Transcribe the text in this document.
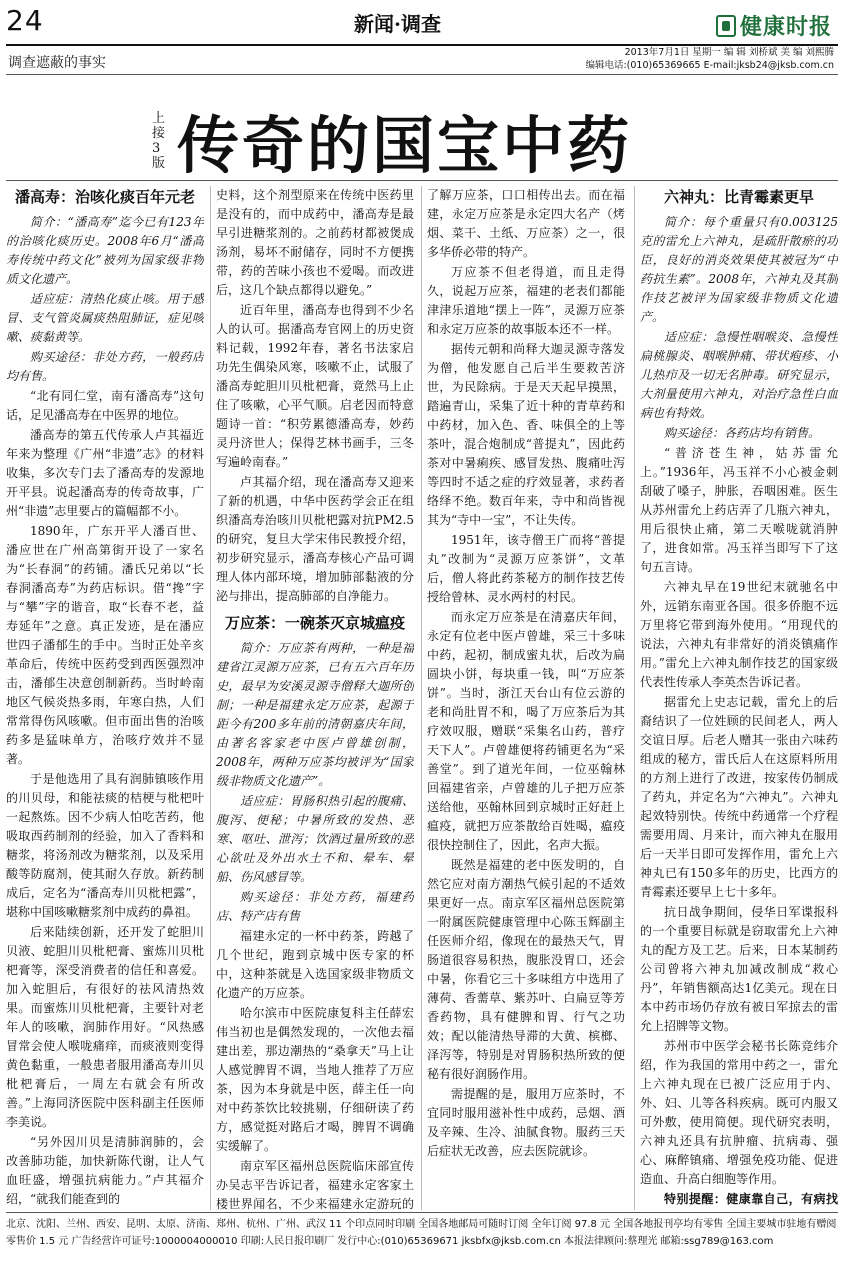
24	新闻·调查	健康时报
调查遮蔽的事实
2013年7月1日 星期一 编 辑 刘桥斌 美 编 刘熙腾
编辑电话:(010)65369665 E-mail:jksb24@jksb.com.cn
上
接
3
版 传奇的国宝中药
潘高寿：治咳化痰百年元老

简介：“潘高寿”迄今已有123年的治咳化痰历史。2008年6月“潘高寿传统中药文化”被列为国家级非物质文化遗产。

适应症：清热化痰止咳。用于感冒、支气管炎属痰热阻肺证，症见咳嗽、痰黏黄等。

购买途径：非处方药，一般药店均有售。

“北有同仁堂，南有潘高寿”这句话，足见潘高寿在中医界的地位。

潘高寿的第五代传承人卢其福近年来为整理《广州“非遗”志》的材料收集，多次专门去了潘高寿的发源地开平县。说起潘高寿的传奇故事，广州“非遗”志里要占的篇幅都不小。

1890年，广东开平人潘百世、潘应世在广州高第街开设了一家名为“长春洞”的药铺。潘氏兄弟以“长春洞潘高寿”为药店标识。借“搀”字与“攀”字的谐音，取“长春不老，益寿延年”之意。真正发迹，是在潘应世四子潘郁生的手中。当时正处辛亥革命后，传统中医药受到西医强烈冲击，潘郁生决意创制新药。当时岭南地区气候炎热多雨，年寒白热，人们常常得伤风咳嗽。但市面出售的治咳药多是猛味单方，治咳疗效并不显著。

于是他选用了具有润肺镇咳作用的川贝母，和能祛痰的桔梗与枇杷叶一起熬炼。因不少病人怕吃苦药，他吸取西药制剂的经验，加入了香料和糖浆，将汤剂改为糖浆剂，以及采用酸等防腐剂，使其耐久存放。新药制成后，定名为“潘高寿川贝枇杷露”，堪称中国咳嗽糖浆剂中成药的鼻祖。

后来陆续创新，还开发了蛇胆川贝液、蛇胆川贝枇杷膏、蜜炼川贝枇杷膏等，深受消费者的信任和喜爱。加入蛇胆后，有很好的祛风清热效果。而蜜炼川贝枇杷膏，主要针对老年人的咳嗽，润肺作用好。“风热感冒常会使人喉咙痛痒，而痰液则变得黄色黏重，一般患者服用潘高寿川贝枇杷膏后，一周左右就会有所改善。”上海同济医院中医科副主任医师李美说。

“另外因川贝是清肺润肺的，会改善肺功能，加快新陈代谢，让人气血旺盛，增强抗病能力。”卢其福介绍，“就我们能查到的

史料，这个剂型原来在传统中医药里是没有的，而中成药中，潘高寿是最早引进糖浆剂的。之前药材都被煲成汤剂，易坏不耐储存，同时不方便携带，药的苦味小孩也不爱喝。而改进后，这几个缺点都得以避免。”

近百年里，潘高寿也得到不少名人的认可。据潘高寿官网上的历史资料记载，1992年春，著名书法家启功先生偶染风寒，咳嗽不止，试服了潘高寿蛇胆川贝枇杷膏，竟然马上止住了咳嗽，心平气顺。启老因而特意题诗一首：“积劳累德潘高寿，妙药灵丹济世人；保得艺林书画手，三冬写遍岭南春。”

卢其福介绍，现在潘高寿又迎来了新的机遇，中华中医药学会正在组织潘高寿治咳川贝枇杷露对抗PM2.5的研究，复旦大学宋伟民教授介绍，初步研究显示，潘高寿核心产品可调理人体内部环境，增加肺部黏液的分泌与排出，提高肺部的自净能力。

万应茶：一碗茶灭京城瘟疫

简介：万应茶有两种，一种是福建省江灵源万应茶，已有五六百年历史，最早为安溪灵源寺僧释大迦所创制；一种是福建永定万应茶，起源于距今有200多年前的清朝嘉庆年间，由著名客家老中医卢曾雄创制，2008年，两种万应茶均被评为“国家级非物质文化遗产”。

适应症：胃肠积热引起的腹痛、腹泻、便秘；中暑所致的发热、恶寒、呕吐、泄泻；饮酒过量所致的恶心欲吐及外出水土不和、晕车、晕船、伤风感冒等。

购买途径：非处方药，福建药店、特产店有售

福建永定的一杯中药茶，跨越了几个世纪，跑到京城中医专家的杯中，这种茶就是入选国家级非物质文化遗产的万应茶。

哈尔滨市中医院康复科主任薛宏伟当初也是偶然发现的，一次他去福建出差，那边潮热的“桑拿天”马上让人感觉脾胃不调，当地人推荐了万应茶，因为本身就是中医，薛主任一向对中药茶饮比较挑剔，仔细研读了药方，感觉挺对路后才喝，脾胃不调确实缓解了。

南京军区福州总医院临床部宣传办吴志平告诉记者，福建永定客家土楼世界闻名，不少来福建永定游玩的

了解万应茶，口口相传出去。而在福建，永定万应茶是永定四大名产（烤烟、菜干、土纸、万应茶）之一，很多华侨必带的特产。

万应茶不但老得道，而且走得久，说起万应茶，福建的老表们都能津津乐道地“摆上一阵”，灵源万应茶和永定万应茶的故事版本还不一样。

据传元朝和尚释大迦灵源寺落发为僧，他发愿自己后半生要救苦济世，为民除病。于是天天起早摸黑，踏遍青山，采集了近十种的青草药和中药材，加入色、香、味俱全的上等茶叶，混合炮制成“普提丸”，因此药茶对中暑痢疾、感冒发热、腹痛吐泻等四时不适之症的疗效显著，求药者络绎不绝。数百年来，寺中和尚皆视其为“寺中一宝”，不让失传。

1951年，该寺僧王广而将“普提丸”改制为“灵源万应茶饼”，文革后，僧人将此药茶秘方的制作技艺传授给曾林、灵水两村的村民。

而永定万应茶是在清嘉庆年间，永定有位老中医卢曾雄，采三十多味中药，起初，制成蜜丸状，后改为扁圆块小饼，每块重一钱，叫“万应茶饼”。当时，浙江天台山有位云游的老和尚肚胃不和，喝了万应茶后为其疗效叹服，赠联“采集名山药，普疗天下人”。卢曾雄便将药铺更名为“采善堂”。到了道光年间，一位巫翰林回福建省亲，卢曾雄的儿子把万应茶送给他，巫翰林回到京城时正好赶上瘟疫，就把万应茶散给百姓喝，瘟疫很快控制住了，因此，名声大振。

既然是福建的老中医发明的，自然它应对南方潮热气候引起的不适效果更好一点。南京军区福州总医院第一附属医院健康管理中心陈玉辉副主任医师介绍，像现在的最热天气，胃肠道很容易积热，腹胀没胃口，还会中暑，你看它三十多味组方中选用了薄荷、香薷草、紫苏叶、白扁豆等芳香药物，具有健脾和胃、行气之功效；配以能清热导滞的大黄、槟榔、泽泻等，特别是对胃肠积热所致的便秘有很好润肠作用。

需提醒的是，服用万应茶时，不宜同时服用滋补性中成药，忌烟、酒及辛辣、生冷、油腻食物。服药三天后症状无改善，应去医院就诊。

六神丸：比青霉素更早

简介：每个重量只有0.003125克的雷允上六神丸，是疏肝散瘀的功臣，良好的消炎效果使其被冠为“中药抗生素”。2008年，六神丸及其制作技艺被评为国家级非物质文化遗产。

适应症：急慢性咽喉炎、急慢性扁桃腺炎、咽喉肿痛、带状疱疹、小儿热疖及一切无名肿毒。研究显示，大剂量使用六神丸，对治疗急性白血病也有特效。

购买途径：各药店均有销售。

“普济苍生神，姑苏雷允上。”1936年，冯玉祥不小心被金刺刮破了嗓子，肿胀，吞咽困难。医生从苏州雷允上药店弄了几瓶六神丸，用后很快止痛，第二天喉咙就消肿了，进食如常。冯玉祥当即写下了这句五言诗。

六神丸早在19世纪末就驰名中外，远销东南亚各国。很多侨胞不远万里将它带到海外使用。“用现代的说法，六神丸有非常好的消炎镇痛作用。”雷允上六神丸制作技艺的国家级代表性传承人李英杰告诉记者。

据雷允上史志记载，雷允上的后裔结识了一位姓顾的民间老人，两人交谊日厚。后老人赠其一张由六味药组成的秘方，雷氏后人在这原料所用的方剂上进行了改进，按家传仍制成了药丸，并定名为“六神丸”。六神丸起效特别快。传统中药通常一个疗程需要用周、月来计，而六神丸在服用后一天半日即可发挥作用，雷允上六神丸已有150多年的历史，比西方的青霉素还要早上七十多年。

抗日战争期间，侵华日军谍报科的一个重要目标就是窃取雷允上六神丸的配方及工艺。后来，日本某制药公司曾将六神丸加减改制成“救心丹”，年销售额高达1亿美元。现在日本中药市场仍存放有被日军掠去的雷允上招牌等文物。

苏州市中医学会秘书长陈竞纬介绍，作为我国的常用中药之一，雷允上六神丸现在已被广泛应用于内、外、妇、儿等各科疾病。既可内服又可外敷，使用简便。现代研究表明，六神丸还具有抗肿瘤、抗病毒、强心、麻醉镇痛、增强免疫功能、促进造血、升高白细胞等作用。

特别提醒：健康靠自己，有病找

北京、沈阳、兰州、西安、昆明、太原、济南、郑州、杭州、广州、武汉 11 个印点同时印刷 全国各地邮局可随时订阅 全年订阅 97.8 元 全国各地报刊亭均有零售 全国主要城市驻地有赠阅
零售价 1.5 元 广告经营许可证号:1000004000010 印刷:人民日报印刷厂 发行中心:(010)65369671 jksbfx@jksb.com.cn 本报法律顾问:蔡理光 邮箱:ssg789@163.com
